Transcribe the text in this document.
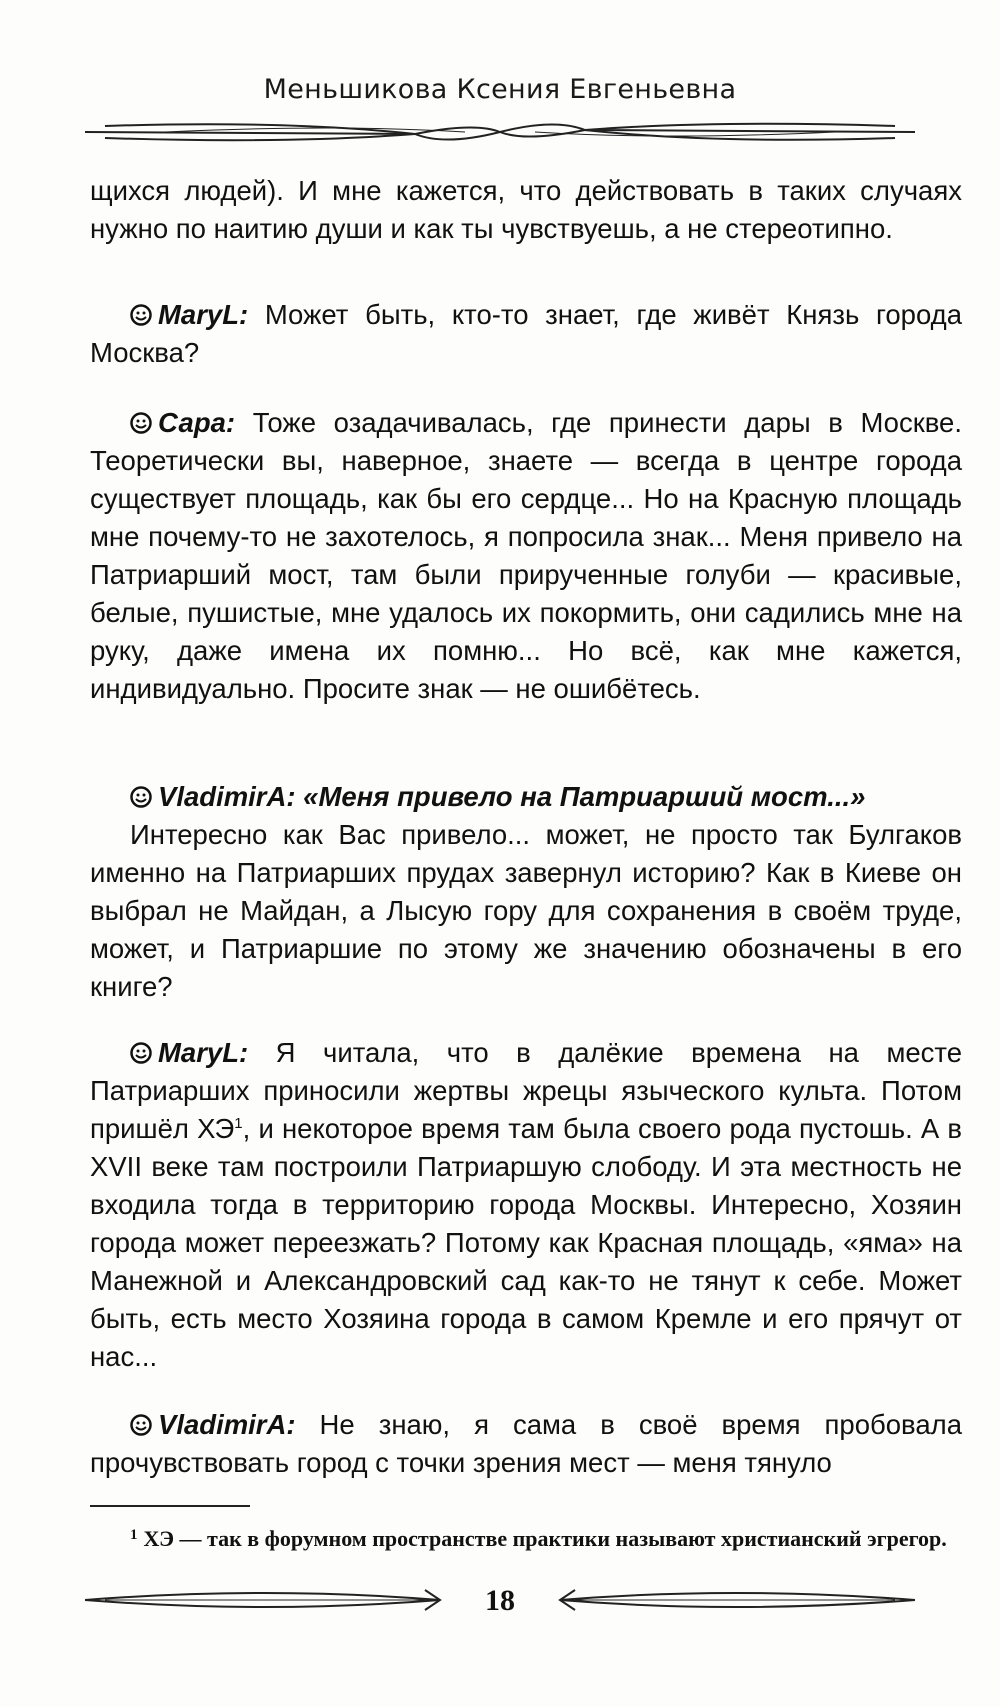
Меньшикова Ксения Евгеньевна

щихся людей). И мне кажется, что действовать в таких случаях нужно по наитию души и как ты чувствуешь, а не стереотипно.

MaryL: Может быть, кто-то знает, где живёт Князь города Москва?

Сара: Тоже озадачивалась, где принести дары в Москве. Теоретически вы, наверное, знаете — всегда в центре города существует площадь, как бы его сердце... Но на Красную площадь мне почему-то не захотелось, я попросила знак... Меня привело на Патриарший мост, там были прирученные голуби — красивые, белые, пушистые, мне удалось их покормить, они садились мне на руку, даже имена их помню... Но всё, как мне кажется, индивидуально. Просите знак — не ошибётесь.

VladimirA: «Меня привело на Патриарший мост...»
Интересно как Вас привело... может, не просто так Булгаков именно на Патриарших прудах завернул историю? Как в Киеве он выбрал не Майдан, а Лысую гору для сохранения в своём труде, может, и Патриаршие по этому же значению обозначены в его книге?

MaryL: Я читала, что в далёкие времена на месте Патриарших приносили жертвы жрецы языческого культа. Потом пришёл $ХЭ^1$, и некоторое время там была своего рода пустошь. А в XVII веке там построили Патриаршую слободу. И эта местность не входила тогда в территорию города Москвы. Интересно, Хозяин города может переезжать? Потому как Красная площадь, «яма» на Манежной и Александровский сад как-то не тянут к себе. Может быть, есть место Хозяина города в самом Кремле и его прячут от нас...

VladimirA: Не знаю, я сама в своё время пробовала прочувствовать город с точки зрения мест — меня тянуло

$^1$ ХЭ — так в форумном пространстве практики называют христианский эгрегор.

18
